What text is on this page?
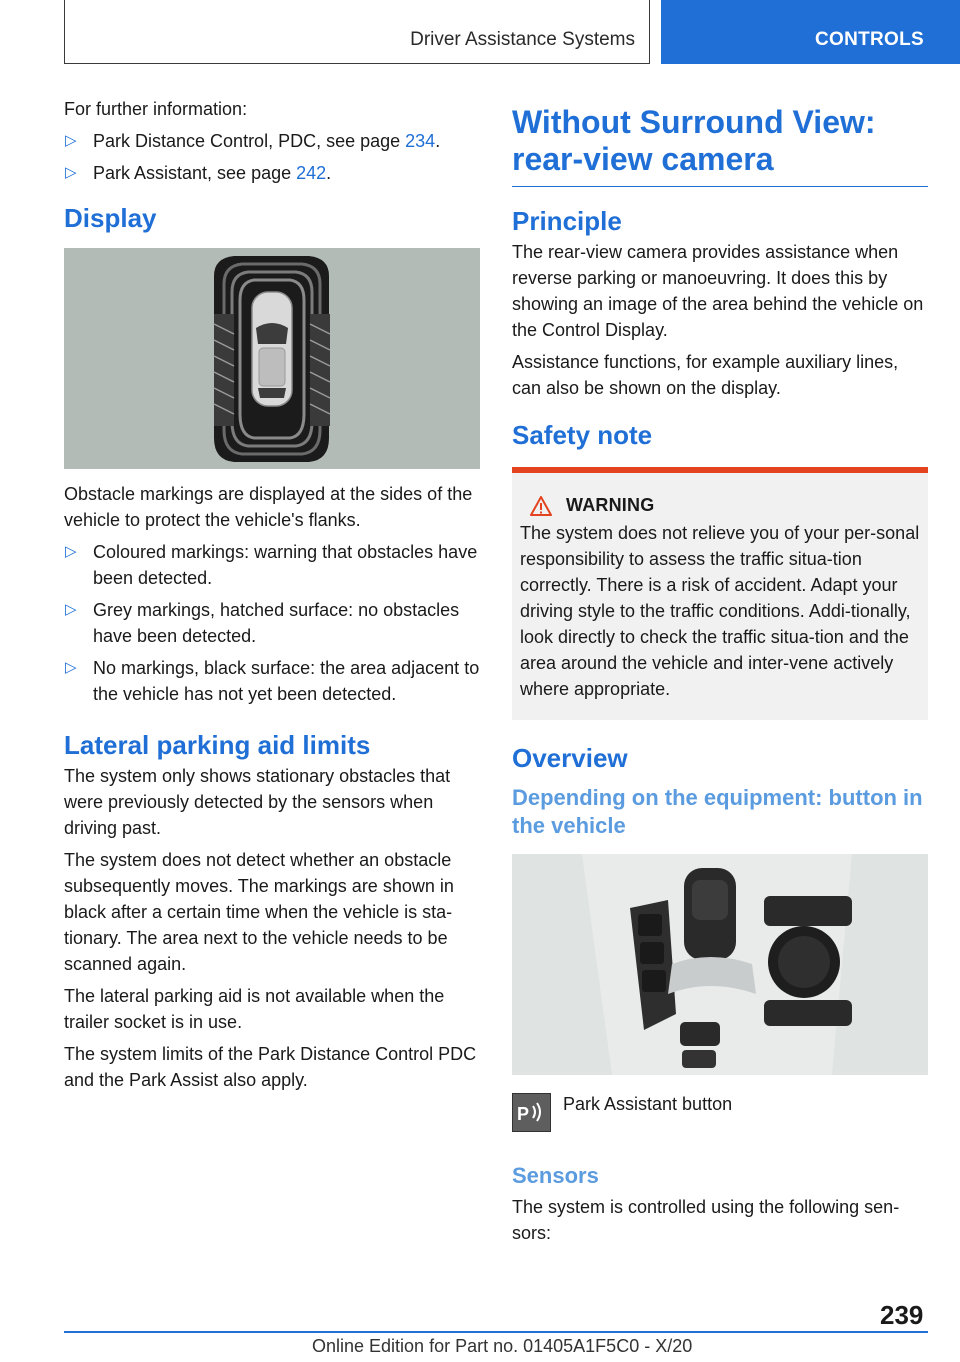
Driver Assistance Systems	CONTROLS
For further information:
▷ Park Distance Control, PDC, see page 234.
▷ Park Assistant, see page 242.
Display
Obstacle markings are displayed at the sides of the vehicle to protect the vehicle's flanks.
▷ Coloured markings: warning that obstacles have been detected.
▷ Grey markings, hatched surface: no obstacles have been detected.
▷ No markings, black surface: the area adjacent to the vehicle has not yet been detected.
Lateral parking aid limits
The system only shows stationary obstacles that were previously detected by the sensors when driving past.
The system does not detect whether an obstacle subsequently moves. The markings are shown in black after a certain time when the vehicle is sta-tionary. The area next to the vehicle needs to be scanned again.
The lateral parking aid is not available when the trailer socket is in use.
The system limits of the Park Distance Control PDC and the Park Assist also apply.
Without Surround View: rear-view camera
Principle
The rear-view camera provides assistance when reverse parking or manoeuvring. It does this by showing an image of the area behind the vehicle on the Control Display.
Assistance functions, for example auxiliary lines, can also be shown on the display.
Safety note
WARNING
The system does not relieve you of your per-sonal responsibility to assess the traffic situa-tion correctly. There is a risk of accident. Adapt your driving style to the traffic conditions. Addi-tionally, look directly to check the traffic situa-tion and the area around the vehicle and inter-vene actively where appropriate.
Overview
Depending on the equipment: button in the vehicle
P Park Assistant button
Sensors
The system is controlled using the following sen-sors:
239
Online Edition for Part no. 01405A1F5C0 - X/20
